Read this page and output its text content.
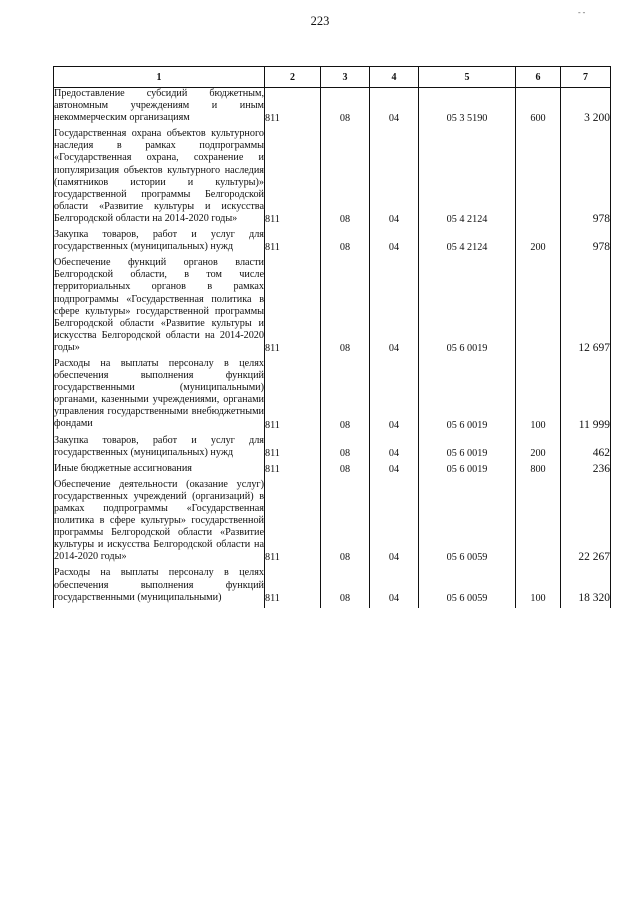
223
- -
1	2	3	4	5	6	7
Предоставление субсидий бюджетным, автономным учреждениям и иным некоммерческим организациям	811	08	04	05 3 5190	600	3 200
Государственная охрана объектов культурного наследия в рамках подпрограммы «Государственная охрана, сохранение и популяризация объектов культурного наследия (памятников истории и культуры)» государственной программы Белгородской области «Развитие культуры и искусства Белгородской области на 2014-2020 годы»	811	08	04	05 4 2124		978
Закупка товаров, работ и услуг для государственных (муниципальных) нужд	811	08	04	05 4 2124	200	978
Обеспечение функций органов власти Белгородской области, в том числе территориальных органов в рамках подпрограммы «Государственная политика в сфере культуры» государственной программы Белгородской области «Развитие культуры и искусства Белгородской области на 2014-2020 годы»	811	08	04	05 6 0019		12 697
Расходы на выплаты персоналу в целях обеспечения выполнения функций государственными (муниципальными) органами, казенными учреждениями, органами управления государственными внебюджетными фондами	811	08	04	05 6 0019	100	11 999
Закупка товаров, работ и услуг для государственных (муниципальных) нужд	811	08	04	05 6 0019	200	462
Иные бюджетные ассигнования	811	08	04	05 6 0019	800	236
Обеспечение деятельности (оказание услуг) государственных учреждений (организаций) в рамках подпрограммы «Государственная политика в сфере культуры» государственной программы Белгородской области «Развитие культуры и искусства Белгородской области на 2014-2020 годы»	811	08	04	05 6 0059		22 267
Расходы на выплаты персоналу в целях обеспечения выполнения функций государственными (муниципальными)	811	08	04	05 6 0059	100	18 320
